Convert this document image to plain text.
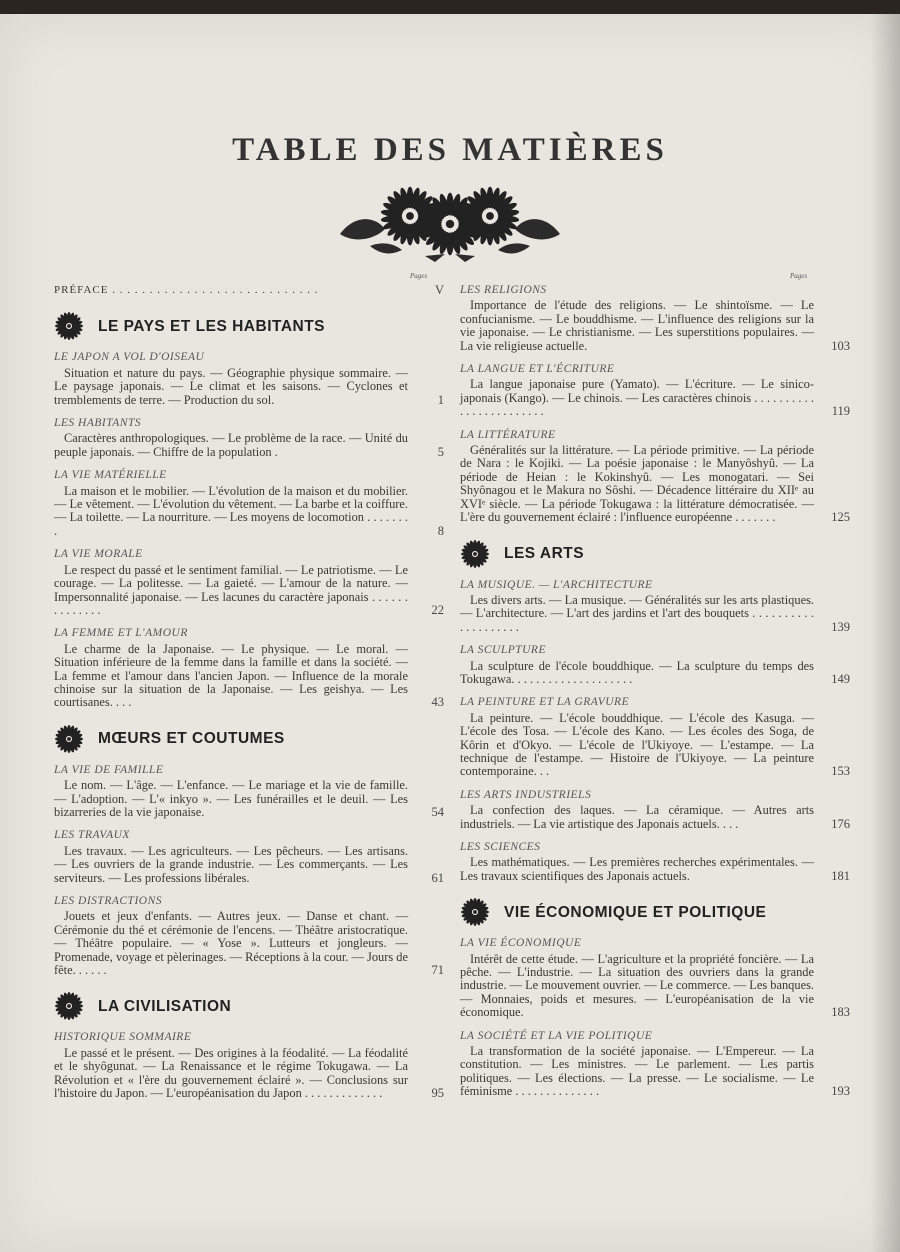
TABLE DES MATIÈRES
Pages	Pages
PRÉFACE . . . . . . . . . . . . . . . . . . . . . . . . . . . .	V
LE PAYS ET LES HABITANTS
LE JAPON A VOL D'OISEAU
Situation et nature du pays. — Géographie physique sommaire. — Le paysage japonais. — Le climat et les saisons. — Cyclones et tremblements de terre. — Production du sol.	1
LES HABITANTS
Caractères anthropologiques. — Le problème de la race. — Unité du peuple japonais. — Chiffre de la population .	5
LA VIE MATÉRIELLE
La maison et le mobilier. — L'évolution de la maison et du mobilier. — Le vêtement. — L'évolution du vêtement. — La barbe et la coiffure. — La toilette. — La nourriture. — Les moyens de locomotion . . . . . . . .	8
LA VIE MORALE
Le respect du passé et le sentiment familial. — Le patriotisme. — Le courage. — La politesse. — La gaieté. — L'amour de la nature. — Impersonnalité japonaise. — Les lacunes du caractère japonais . . . . . . . . . . . . . .	22
LA FEMME ET L'AMOUR
Le charme de la Japonaise. — Le physique. — Le moral. — Situation inférieure de la femme dans la famille et dans la société. — La femme et l'amour dans l'ancien Japon. — Influence de la morale chinoise sur la situation de la Japonaise. — Les geishya. — Les courtisanes. . . .	43
MŒURS ET COUTUMES
LA VIE DE FAMILLE
Le nom. — L'âge. — L'enfance. — Le mariage et la vie de famille. — L'adoption. — L'« inkyo ». — Les funérailles et le deuil. — Les bizarreries de la vie japonaise.	54
LES TRAVAUX
Les travaux. — Les agriculteurs. — Les pêcheurs. — Les artisans. — Les ouvriers de la grande industrie. — Les commerçants. — Les serviteurs. — Les professions libérales.	61
LES DISTRACTIONS
Jouets et jeux d'enfants. — Autres jeux. — Danse et chant. — Cérémonie du thé et cérémonie de l'encens. — Théâtre aristocratique. — Théâtre populaire. — « Yose ». Lutteurs et jongleurs. — Promenade, voyage et pèlerinages. — Réceptions à la cour. — Jours de fête. . . . . .	71
LA CIVILISATION
HISTORIQUE SOMMAIRE
Le passé et le présent. — Des origines à la féodalité. — La féodalité et le shyôgunat. — La Renaissance et le régime Tokugawa. — La Révolution et « l'ère du gouvernement éclairé ». — Conclusions sur l'histoire du Japon. — L'européanisation du Japon . . . . . . . . . . . . .	95
LES RELIGIONS
Importance de l'étude des religions. — Le shintoïsme. — Le confucianisme. — Le bouddhisme. — L'influence des religions sur la vie japonaise. — Le christianisme. — Les superstitions populaires. — La vie religieuse actuelle.	103
LA LANGUE ET L'ÉCRITURE
La langue japonaise pure (Yamato). — L'écriture. — Le sinico-japonais (Kango). — Le chinois. — Les caractères chinois . . . . . . . . . . . . . . . . . . . . . . . .	119
LA LITTÉRATURE
Généralités sur la littérature. — La période primitive. — La période de Nara : le Kojiki. — La poésie japonaise : le Manyôshyû. — La période de Heian : le Kokinshyû. — Les monogatari. — Sei Shyônagou et le Makura no Sôshi. — Décadence littéraire du XIIᵉ au XVIᵉ siècle. — La période Tokugawa : la littérature démocratisée. — L'ère du gouvernement éclairé : l'influence européenne . . . . . . .	125
LES ARTS
LA MUSIQUE. — L'ARCHITECTURE
Les divers arts. — La musique. — Généralités sur les arts plastiques. — L'architecture. — L'art des jardins et l'art des bouquets . . . . . . . . . . . . . . . . . . . .	139
LA SCULPTURE
La sculpture de l'école bouddhique. — La sculpture du temps des Tokugawa. . . . . . . . . . . . . . . . . . . .	149
LA PEINTURE ET LA GRAVURE
La peinture. — L'école bouddhique. — L'école des Kasuga. — L'école des Tosa. — L'école des Kano. — Les écoles des Soga, de Kôrin et d'Okyo. — L'école de l'Ukiyoye. — L'estampe. — La technique de l'estampe. — Histoire de l'Ukiyoye. — La peinture contemporaine. . .	153
LES ARTS INDUSTRIELS
La confection des laques. — La céramique. — Autres arts industriels. — La vie artistique des Japonais actuels. . . .	176
LES SCIENCES
Les mathématiques. — Les premières recherches expérimentales. — Les travaux scientifiques des Japonais actuels.	181
VIE ÉCONOMIQUE ET POLITIQUE
LA VIE ÉCONOMIQUE
Intérêt de cette étude. — L'agriculture et la propriété foncière. — La pêche. — L'industrie. — La situation des ouvriers dans la grande industrie. — Le mouvement ouvrier. — Le commerce. — Les banques. — Monnaies, poids et mesures. — L'européanisation de la vie économique.	183
LA SOCIÉTÉ ET LA VIE POLITIQUE
La transformation de la société japonaise. — L'Empereur. — La constitution. — Les ministres. — Le parlement. — Les partis politiques. — Les élections. — La presse. — Le socialisme. — Le féminisme . . . . . . . . . . . . . .	193
